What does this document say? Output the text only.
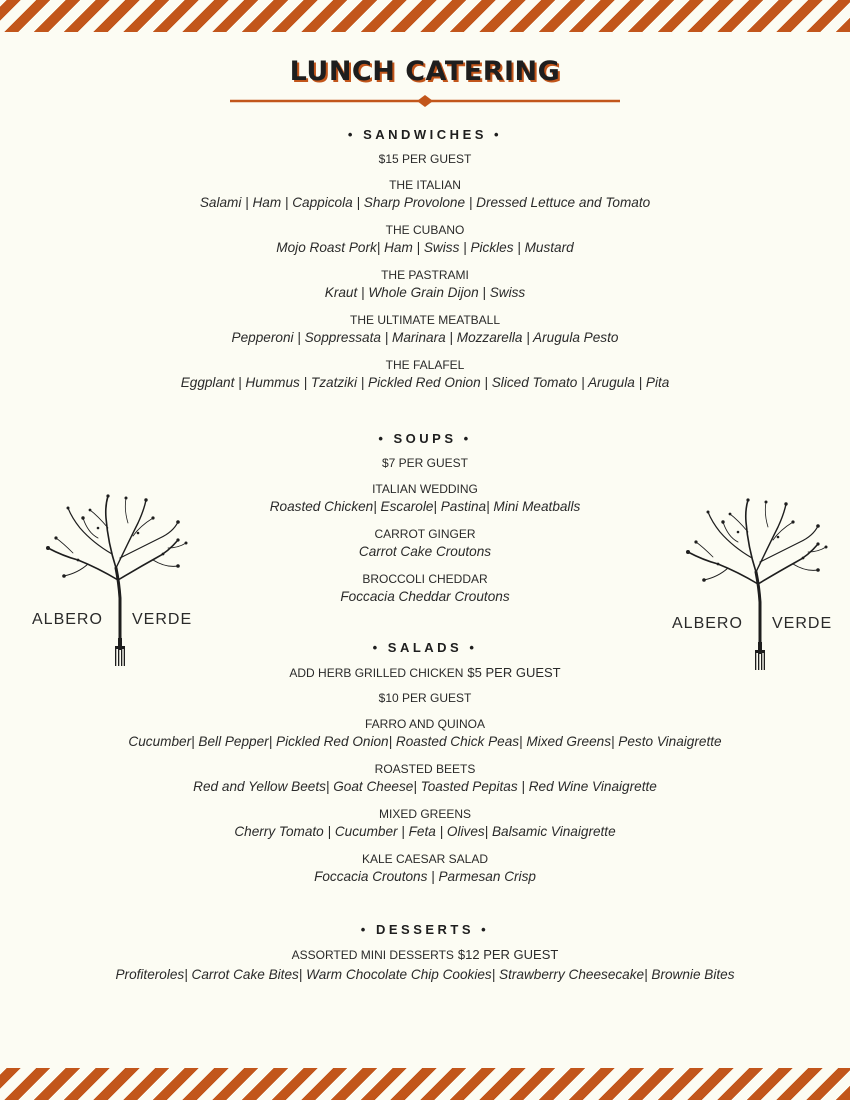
LUNCH CATERING
ALBERO VERDE	ALBERO VERDE
• SANDWICHES •
$15 PER GUEST
THE ITALIAN
Salami | Ham | Cappicola | Sharp Provolone | Dressed Lettuce and Tomato
THE CUBANO
Mojo Roast Pork| Ham | Swiss | Pickles | Mustard
THE PASTRAMI
Kraut | Whole Grain Dijon | Swiss
THE ULTIMATE MEATBALL
Pepperoni | Soppressata | Marinara | Mozzarella | Arugula Pesto
THE FALAFEL
Eggplant | Hummus | Tzatziki | Pickled Red Onion | Sliced Tomato | Arugula | Pita
• SOUPS •
$7 PER GUEST
ITALIAN WEDDING
Roasted Chicken| Escarole| Pastina| Mini Meatballs
CARROT GINGER
Carrot Cake Croutons
BROCCOLI CHEDDAR
Foccacia Cheddar Croutons
• SALADS •
ADD HERB GRILLED CHICKEN $5 PER GUEST
$10 PER GUEST
FARRO AND QUINOA
Cucumber| Bell Pepper| Pickled Red Onion| Roasted Chick Peas| Mixed Greens| Pesto Vinaigrette
ROASTED BEETS
Red and Yellow Beets| Goat Cheese| Toasted Pepitas | Red Wine Vinaigrette
MIXED GREENS
Cherry Tomato | Cucumber | Feta | Olives| Balsamic Vinaigrette
KALE CAESAR SALAD
Foccacia Croutons | Parmesan Crisp
• DESSERTS •
ASSORTED MINI DESSERTS $12 PER GUEST
Profiteroles| Carrot Cake Bites| Warm Chocolate Chip Cookies| Strawberry Cheesecake| Brownie Bites
